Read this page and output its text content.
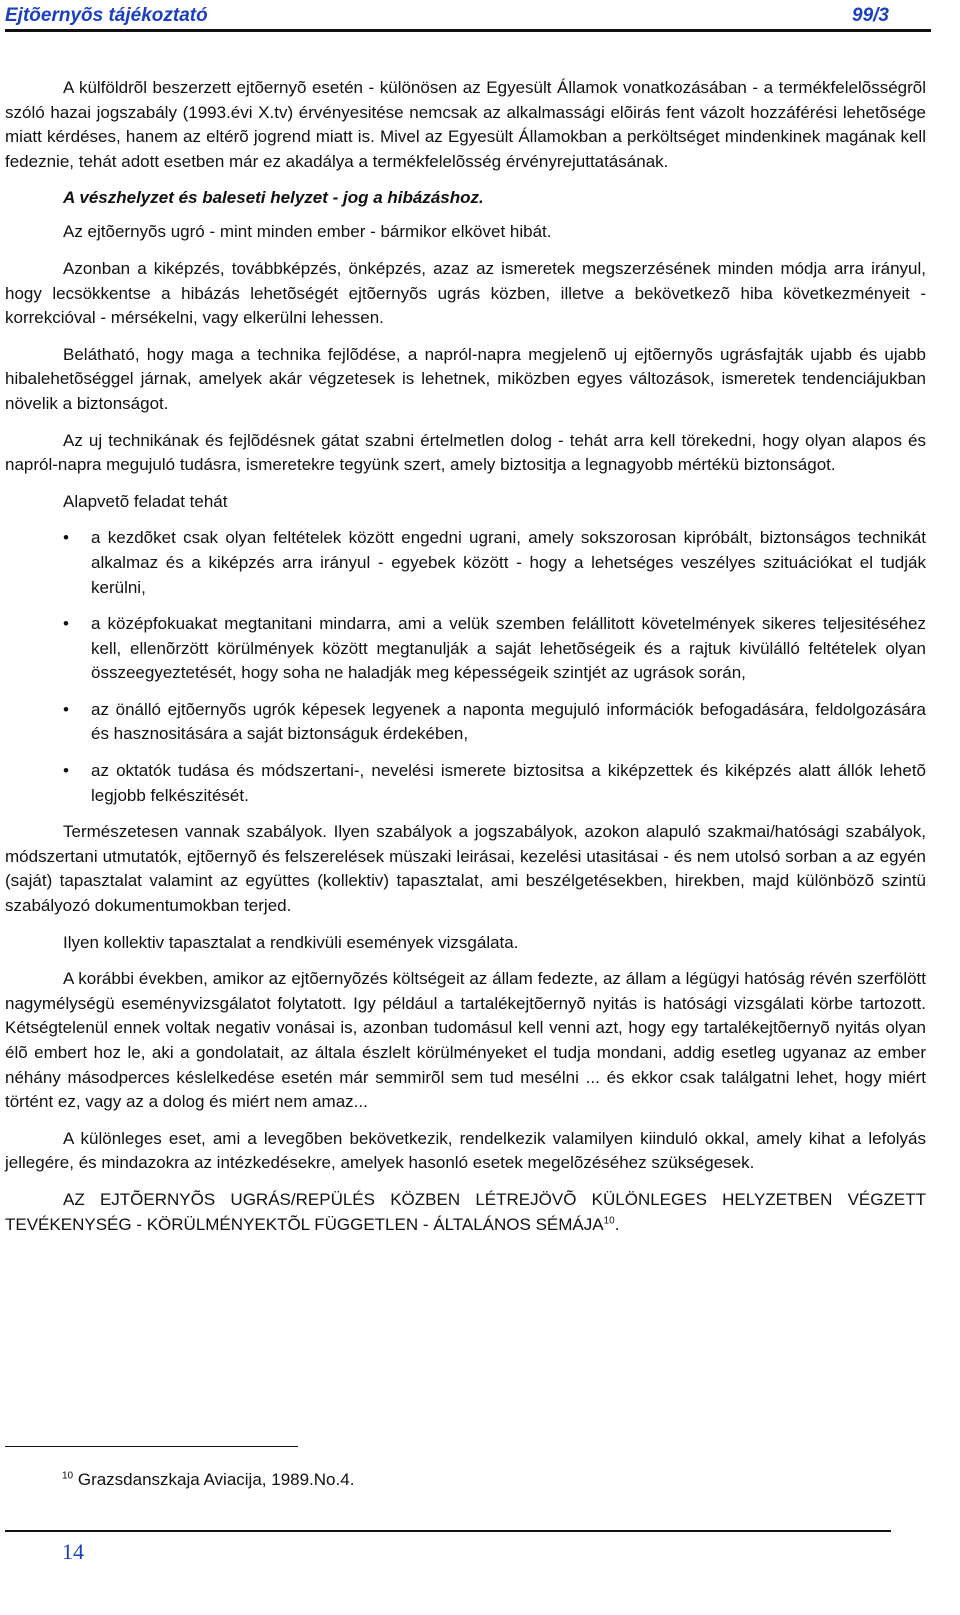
Ejtõernyõs tájékoztató	99/3

A külföldrõl beszerzett ejtõernyõ esetén - különösen az Egyesült Államok vonatkozásában - a termékfelelõsségrõl szóló hazai jogszabály (1993.évi X.tv) érvényesitése nemcsak az alkalmassági elõirás fent vázolt hozzáférési lehetõsége miatt kérdéses, hanem az eltérõ jogrend miatt is. Mivel az Egyesült Államokban a perköltséget mindenkinek magának kell fedeznie, tehát adott esetben már ez akadálya a termékfelelõsség érvényrejuttatásának.

A vészhelyzet és baleseti helyzet - jog a hibázáshoz.

Az ejtõernyõs ugró - mint minden ember - bármikor elkövet hibát.

Azonban a kiképzés, továbbképzés, önképzés, azaz az ismeretek megszerzésének minden módja arra irányul, hogy lecsökkentse a hibázás lehetõségét ejtõernyõs ugrás közben, illetve a bekövetkezõ hiba következményeit - korrekcióval - mérsékelni, vagy elkerülni lehessen.

Belátható, hogy maga a technika fejlõdése, a napról-napra megjelenõ uj ejtõernyõs ugrásfajták ujabb és ujabb hibalehetõséggel járnak, amelyek akár végzetesek is lehetnek, miközben egyes változások, ismeretek tendenciájukban növelik a biztonságot.

Az uj technikának és fejlõdésnek gátat szabni értelmetlen dolog - tehát arra kell törekedni, hogy olyan alapos és napról-napra megujuló tudásra, ismeretekre tegyünk szert, amely biztositja a legnagyobb mértékü biztonságot.

Alapvetõ feladat tehát

• a kezdõket csak olyan feltételek között engedni ugrani, amely sokszorosan kipróbált, biztonságos technikát alkalmaz és a kiképzés arra irányul - egyebek között - hogy a lehetséges veszélyes szituációkat el tudják kerülni,
• a középfokuakat megtanitani mindarra, ami a velük szemben felállitott követelmények sikeres teljesitéséhez kell, ellenõrzött körülmények között megtanulják a saját lehetõségeik és a rajtuk kivülálló feltételek olyan összeegyeztetését, hogy soha ne haladják meg képességeik szintjét az ugrások során,
• az önálló ejtõernyõs ugrók képesek legyenek a naponta megujuló információk befogadására, feldolgozására és hasznositására a saját biztonságuk érdekében,
• az oktatók tudása és módszertani-, nevelési ismerete biztositsa a kiképzettek és kiképzés alatt állók lehetõ legjobb felkészitését.

Természetesen vannak szabályok. Ilyen szabályok a jogszabályok, azokon alapuló szakmai/hatósági szabályok, módszertani utmutatók, ejtõernyõ és felszerelések müszaki leirásai, kezelési utasitásai - és nem utolsó sorban a az egyén (saját) tapasztalat valamint az együttes (kollektiv) tapasztalat, ami beszélgetésekben, hirekben, majd különbözõ szintü szabályozó dokumentumokban terjed.

Ilyen kollektiv tapasztalat a rendkivüli események vizsgálata.

A korábbi években, amikor az ejtõernyõzés költségeit az állam fedezte, az állam a légügyi hatóság révén szerfölött nagymélységü eseményvizsgálatot folytatott. Igy például a tartalékejtõernyõ nyitás is hatósági vizsgálati körbe tartozott. Kétségtelenül ennek voltak negativ vonásai is, azonban tudomásul kell venni azt, hogy egy tartalékejtõernyõ nyitás olyan élõ embert hoz le, aki a gondolatait, az általa észlelt körülményeket el tudja mondani, addig esetleg ugyanaz az ember néhány másodperces késlelkedése esetén már semmirõl sem tud mesélni ... és ekkor csak találgatni lehet, hogy miért történt ez, vagy az a dolog és miért nem amaz...

A különleges eset, ami a levegõben bekövetkezik, rendelkezik valamilyen kiinduló okkal, amely kihat a lefolyás jellegére, és mindazokra az intézkedésekre, amelyek hasonló esetek megelõzéséhez szükségesek.

AZ EJTÕERNYÕS UGRÁS/REPÜLÉS KÖZBEN LÉTREJÖVÕ KÜLÖNLEGES HELYZETBEN VÉGZETT TEVÉKENYSÉG - KÖRÜLMÉNYEKTÕL FÜGGETLEN - ÁLTALÁNOS SÉMÁJA$^{10}$.

$^{10}$ Grazsdanszkaja Aviacija, 1989.No.4.
14
